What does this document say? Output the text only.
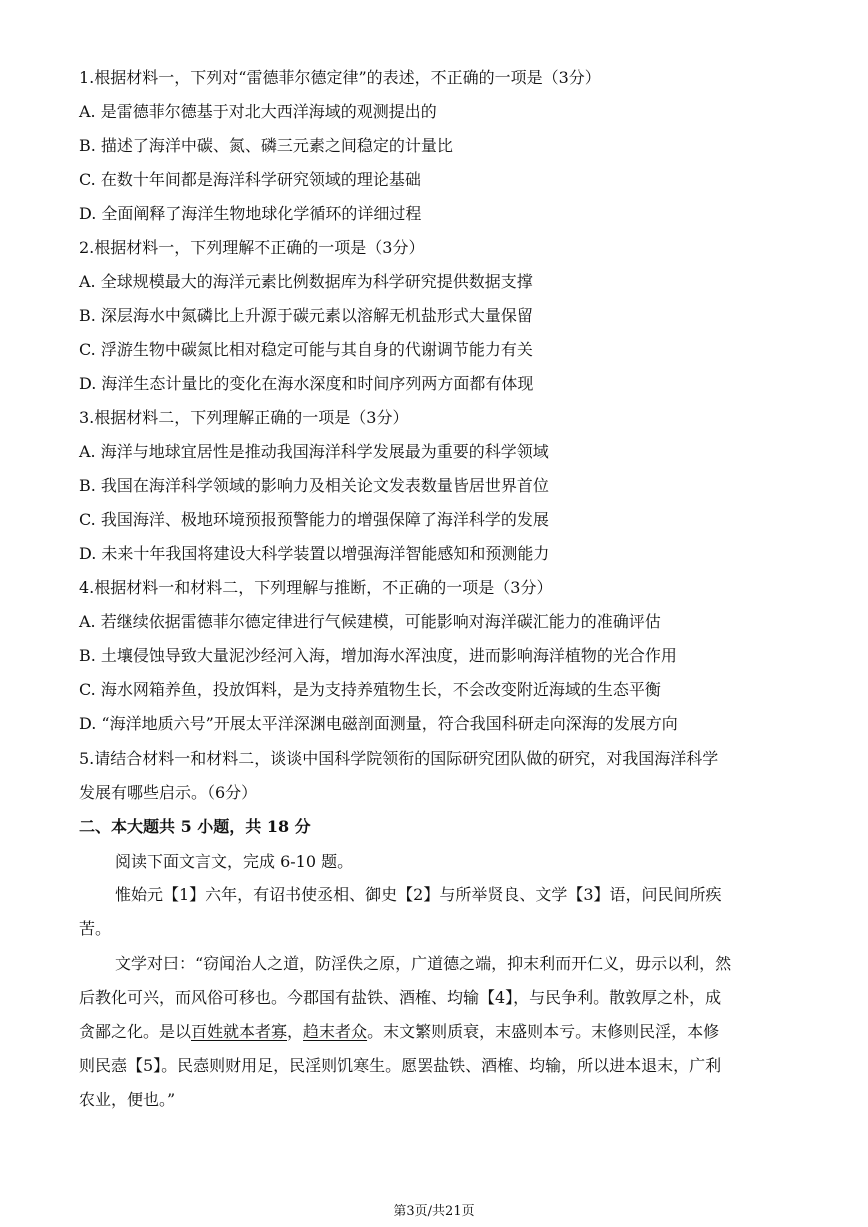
1.根据材料一，下列对“雷德菲尔德定律”的表述，不正确的一项是（3分）
A. 是雷德菲尔德基于对北大西洋海域的观测提出的
B. 描述了海洋中碳、氮、磷三元素之间稳定的计量比
C. 在数十年间都是海洋科学研究领域的理论基础
D. 全面阐释了海洋生物地球化学循环的详细过程
2.根据材料一，下列理解不正确的一项是（3分）
A. 全球规模最大的海洋元素比例数据库为科学研究提供数据支撑
B. 深层海水中氮磷比上升源于碳元素以溶解无机盐形式大量保留
C. 浮游生物中碳氮比相对稳定可能与其自身的代谢调节能力有关
D. 海洋生态计量比的变化在海水深度和时间序列两方面都有体现
3.根据材料二，下列理解正确的一项是（3分）
A. 海洋与地球宜居性是推动我国海洋科学发展最为重要的科学领域
B. 我国在海洋科学领域的影响力及相关论文发表数量皆居世界首位
C. 我国海洋、极地环境预报预警能力的增强保障了海洋科学的发展
D. 未来十年我国将建设大科学装置以增强海洋智能感知和预测能力
4.根据材料一和材料二，下列理解与推断，不正确的一项是（3分）
A. 若继续依据雷德菲尔德定律进行气候建模，可能影响对海洋碳汇能力的准确评估
B. 土壤侵蚀导致大量泥沙经河入海，增加海水浑浊度，进而影响海洋植物的光合作用
C. 海水网箱养鱼，投放饵料，是为支持养殖物生长，不会改变附近海域的生态平衡
D. “海洋地质六号”开展太平洋深渊电磁剖面测量，符合我国科研走向深海的发展方向
5.请结合材料一和材料二，谈谈中国科学院领衔的国际研究团队做的研究，对我国海洋科学
发展有哪些启示。（6分）
二、本大题共 5 小题，共 18 分
阅读下面文言文，完成 6-10 题。
惟始元【1】六年，有诏书使丞相、御史【2】与所举贤良、文学【3】语，问民间所疾
苦。
文学对曰：“窃闻治人之道，防淫佚之原，广道德之端，抑末利而开仁义，毋示以利，然
后教化可兴，而风俗可移也。今郡国有盐铁、酒榷、均输【4】，与民争利。散敦厚之朴，成
贪鄙之化。是以百姓就本者寡，趋末者众。末文繁则质衰，末盛则本亏。末修则民淫，本修
则民悫【5】。民悫则财用足，民淫则饥寒生。愿罢盐铁、酒榷、均输，所以进本退末，广利
农业，便也。”
第3页/共21页
